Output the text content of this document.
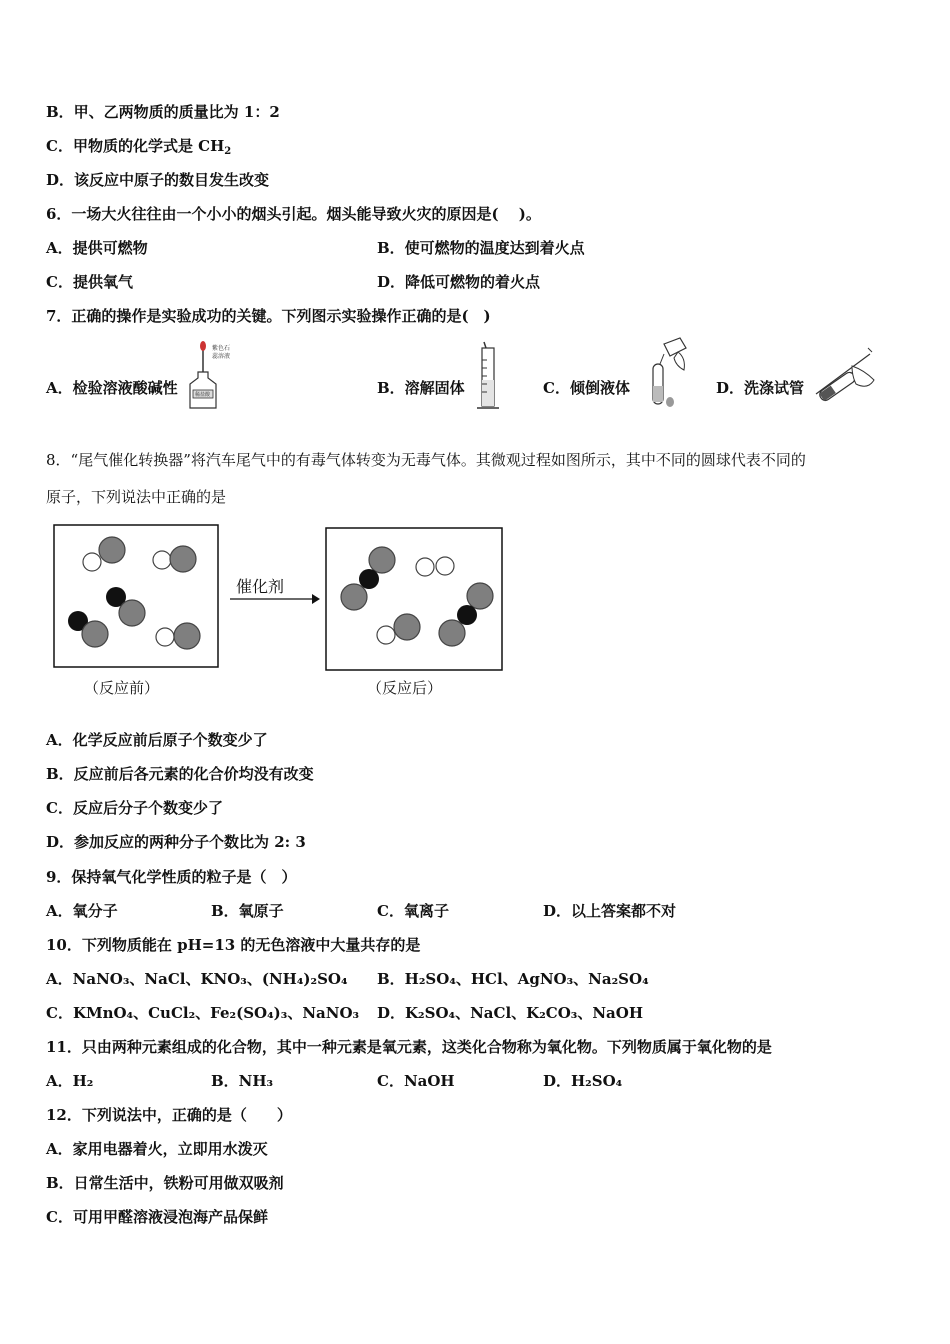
B．甲、乙两物质的质量比为 1：2
C．甲物质的化学式是 $CH_2$
D．该反应中原子的数目发生改变
6．一场大火往往由一个小小的烟头引起。烟头能导致火灾的原因是(　 )。
A．提供可燃物	B．使可燃物的温度达到着火点
C．提供氧气	D．降低可燃物的着火点
7．正确的操作是实验成功的关键。下列图示实验操作正确的是(　)
A．检验溶液酸碱性
紫色石
蕊溶液
稀盐酸	B．溶解固体	C．倾倒液体	D．洗涤试管
8．“尾气催化转换器”将汽车尾气中的有毒气体转变为无毒气体。其微观过程如图所示，其中不同的圆球代表不同的
原子，下列说法中正确的是
催化剂
（反应前）	（反应后）
A．化学反应前后原子个数变少了
B．反应前后各元素的化合价均没有改变
C．反应后分子个数变少了
D．参加反应的两种分子个数比为 2: 3
9．保持氧气化学性质的粒子是（　）
A．氧分子	B．氧原子	C．氧离子	D．以上答案都不对
10．下列物质能在 pH=13 的无色溶液中大量共存的是
A．NaNO₃、NaCl、KNO₃、(NH₄)₂SO₄ B．H₂SO₄、HCl、AgNO₃、Na₂SO₄
C．KMnO₄、CuCl₂、Fe₂(SO₄)₃、NaNO₃ D．K₂SO₄、NaCl、K₂CO₃、NaOH
11．只由两种元素组成的化合物，其中一种元素是氧元素，这类化合物称为氧化物。下列物质属于氧化物的是
A．H₂	B．NH₃	C．NaOH	D．H₂SO₄
12．下列说法中，正确的是（　　）
A．家用电器着火，立即用水泼灭
B．日常生活中，铁粉可用做双吸剂
C．可用甲醛溶液浸泡海产品保鲜
